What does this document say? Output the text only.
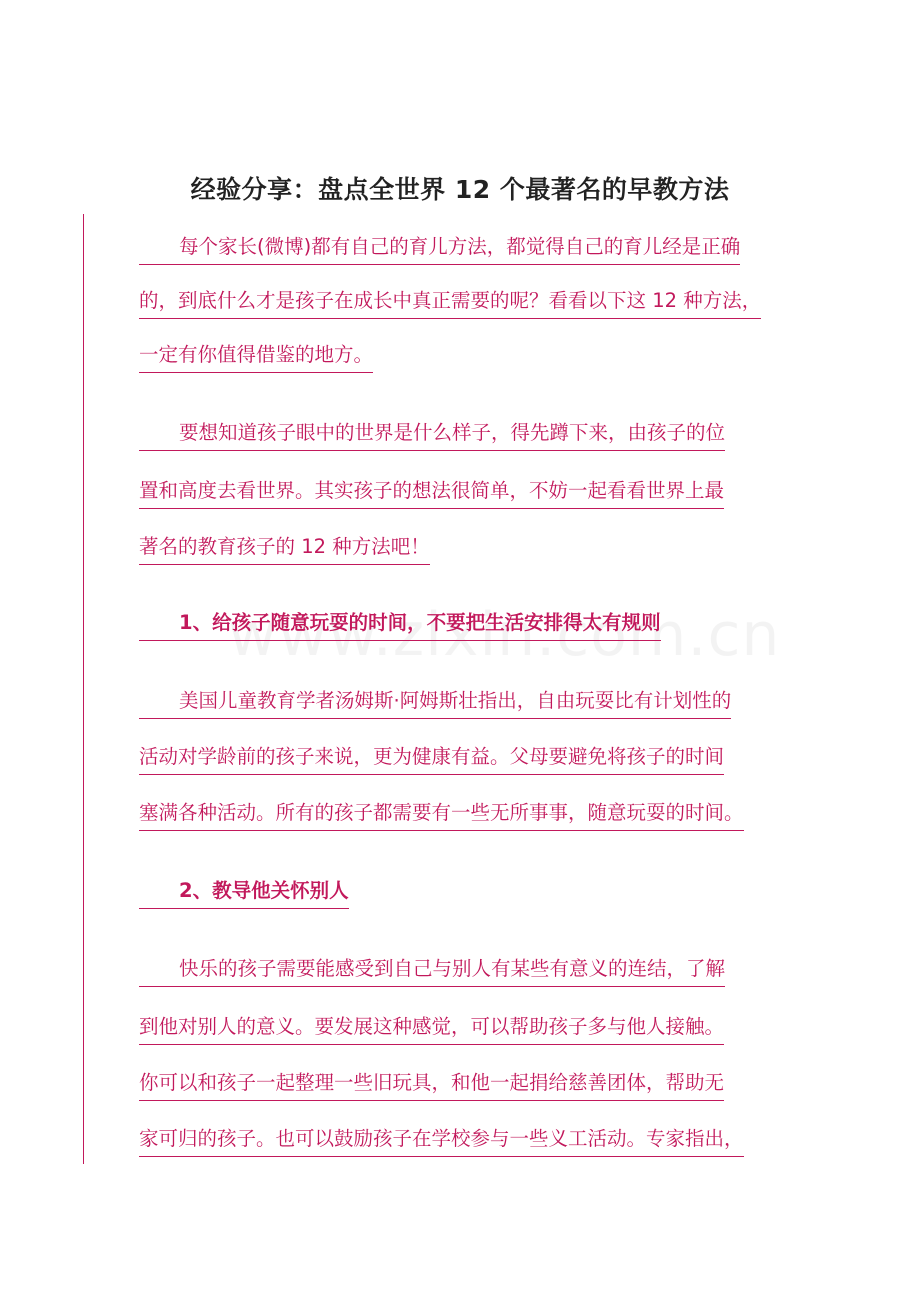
经验分享：盘点全世界 12 个最著名的早教方法
每个家长(微博)都有自己的育儿方法，都觉得自己的育儿经是正确
的，到底什么才是孩子在成长中真正需要的呢？看看以下这 12 种方法，
一定有你值得借鉴的地方。
要想知道孩子眼中的世界是什么样子，得先蹲下来，由孩子的位
置和高度去看世界。其实孩子的想法很简单，不妨一起看看世界上最
著名的教育孩子的 12 种方法吧！
1、给孩子随意玩耍的时间，不要把生活安排得太有规则
美国儿童教育学者汤姆斯·阿姆斯壮指出，自由玩耍比有计划性的
活动对学龄前的孩子来说，更为健康有益。父母要避免将孩子的时间
塞满各种活动。所有的孩子都需要有一些无所事事，随意玩耍的时间。
2、教导他关怀别人
快乐的孩子需要能感受到自己与别人有某些有意义的连结，了解
到他对别人的意义。要发展这种感觉，可以帮助孩子多与他人接触。
你可以和孩子一起整理一些旧玩具，和他一起捐给慈善团体，帮助无
家可归的孩子。也可以鼓励孩子在学校参与一些义工活动。专家指出，
